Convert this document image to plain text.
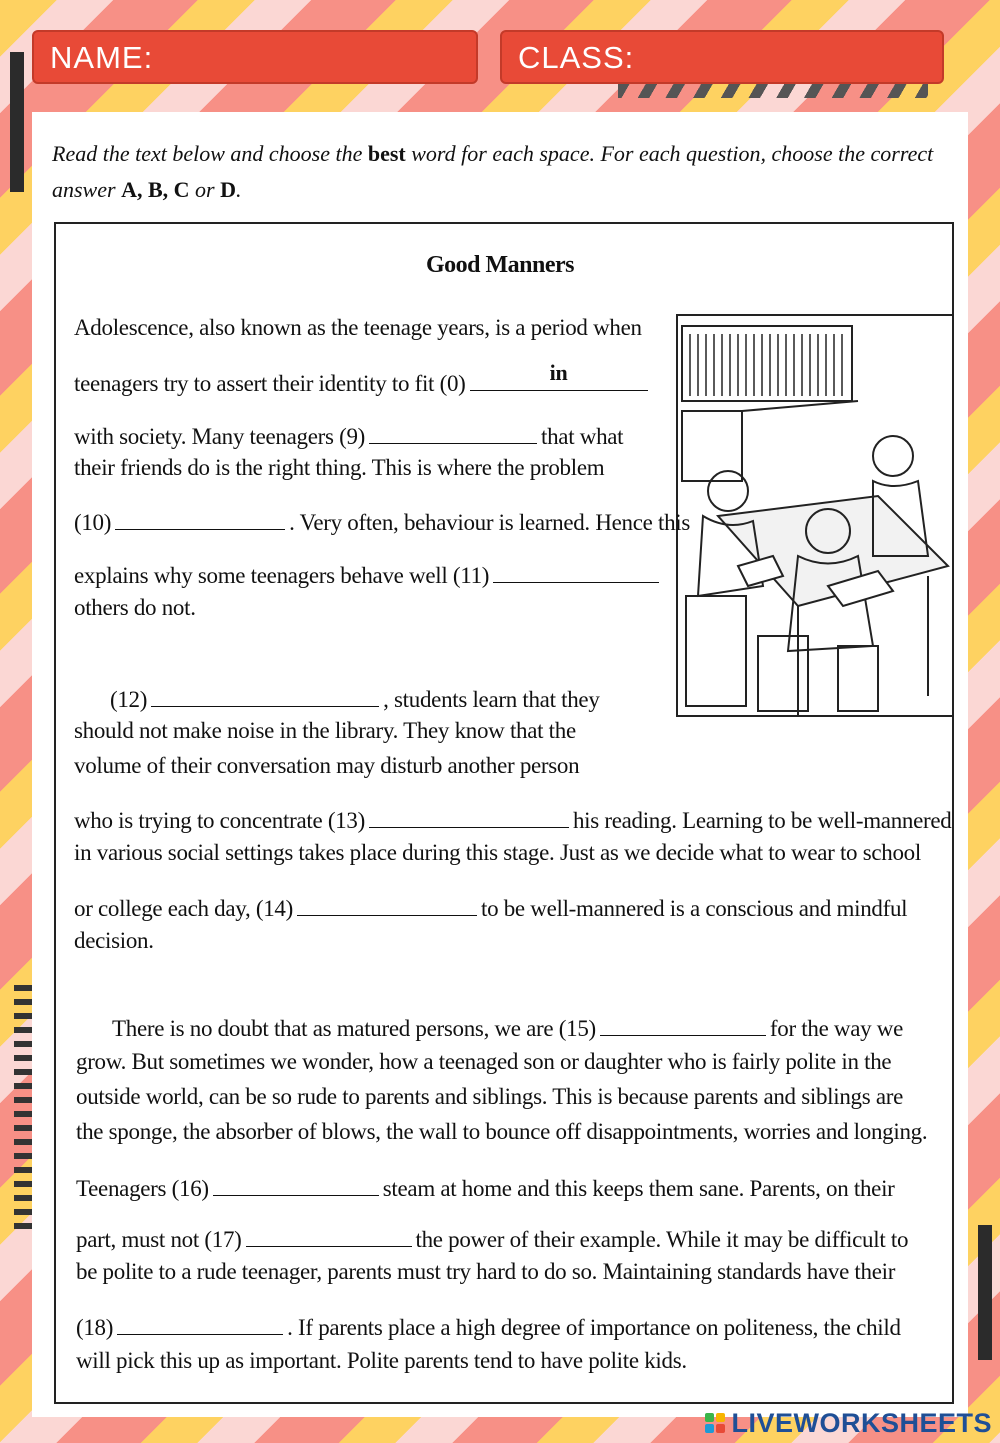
NAME:	CLASS:
Read the text below and choose the best word for each space. For each question, choose the correct
answer A, B, C or D.
Good Manners
Adolescence, also known as the teenage years, is a period when
teenagers try to assert their identity to fit (0)	in
with society. Many teenagers (9)	that what
their friends do is the right thing. This is where the problem
(10)	. Very often, behaviour is learned. Hence this
explains why some teenagers behave well (11)
others do not.
(12)	, students learn that they
should not make noise in the library. They know that the
volume of their conversation may disturb another person
who is trying to concentrate (13)	his reading. Learning to be well-mannered
in various social settings takes place during this stage. Just as we decide what to wear to school
or college each day, (14)	to be well-mannered is a conscious and mindful
decision.
There is no doubt that as matured persons, we are (15)	for the way we
grow. But sometimes we wonder, how a teenaged son or daughter who is fairly polite in the
outside world, can be so rude to parents and siblings. This is because parents and siblings are
the sponge, the absorber of blows, the wall to bounce off disappointments, worries and longing.
Teenagers (16)	steam at home and this keeps them sane. Parents, on their
part, must not (17)	the power of their example. While it may be difficult to
be polite to a rude teenager, parents must try hard to do so. Maintaining standards have their
(18)	. If parents place a high degree of importance on politeness, the child
will pick this up as important. Polite parents tend to have polite kids.
LIVEWORKSHEETS
